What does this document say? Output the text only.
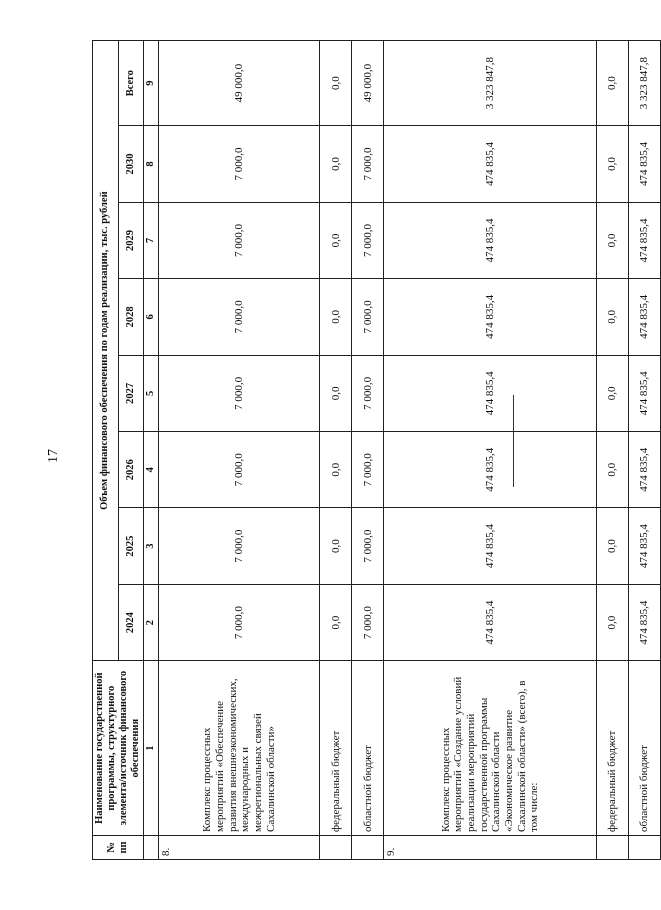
17
№ пп	Наименование государственной программы, структурного элемента/источник финансового обеспечения	Объем финансового обеспечения по годам реализации, тыс. рублей							
		2024	2025	2026	2027	2028	2029	2030	Всего
	1	2	3	4	5	6	7	8	9
8.	Комплекс процессных мероприятий «Обеспечение развития внешнеэкономических, международных и межрегиональных связей Сахалинской области»	7 000,0	7 000,0	7 000,0	7 000,0	7 000,0	7 000,0	7 000,0	49 000,0
	федеральный бюджет	0,0	0,0	0,0	0,0	0,0	0,0	0,0	0,0
	областной бюджет	7 000,0	7 000,0	7 000,0	7 000,0	7 000,0	7 000,0	7 000,0	49 000,0
9.	Комплекс процессных мероприятий «Создание условий реализации мероприятий государственной программы Сахалинской области «Экономическое развитие Сахалинской области» (всего), в том числе:	474 835,4	474 835,4	474 835,4	474 835,4	474 835,4	474 835,4	474 835,4	3 323 847,8
	федеральный бюджет	0,0	0,0	0,0	0,0	0,0	0,0	0,0	0,0
	областной бюджет	474 835,4	474 835,4	474 835,4	474 835,4	474 835,4	474 835,4	474 835,4	3 323 847,8
